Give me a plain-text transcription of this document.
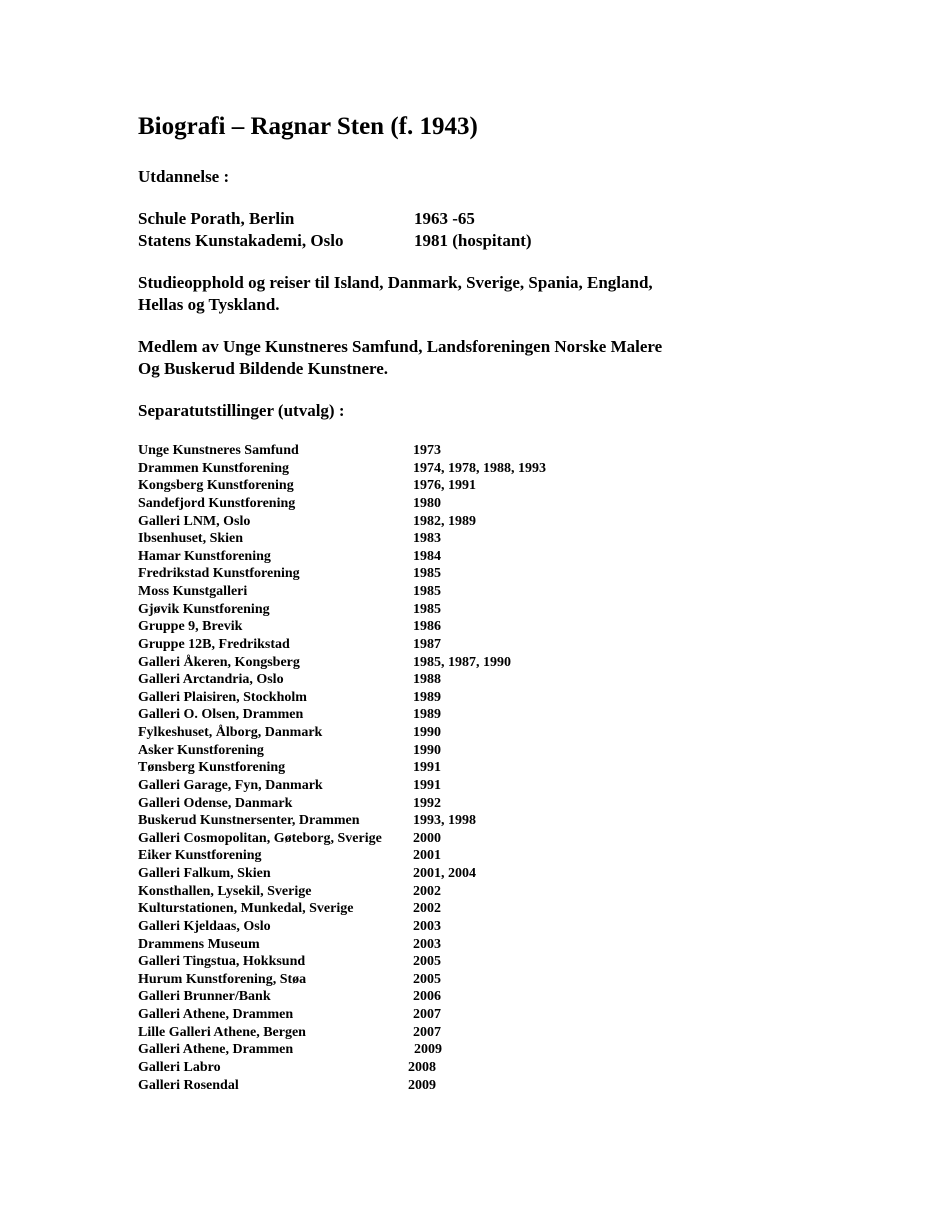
Biografi – Ragnar Sten (f. 1943)
Utdannelse :
Schule Porath, Berlin	1963 -65
Statens Kunstakademi, Oslo	1981 (hospitant)
Studieopphold og reiser til Island, Danmark, Sverige, Spania, England,
Hellas og Tyskland.
Medlem av Unge Kunstneres Samfund, Landsforeningen Norske Malere
Og Buskerud Bildende Kunstnere.
Separatutstillinger (utvalg) :
Unge Kunstneres Samfund	1973
Drammen Kunstforening	1974, 1978, 1988, 1993
Kongsberg Kunstforening	1976, 1991
Sandefjord Kunstforening	1980
Galleri LNM, Oslo	1982, 1989
Ibsenhuset, Skien	1983
Hamar Kunstforening	1984
Fredrikstad Kunstforening	1985
Moss Kunstgalleri	1985
Gjøvik Kunstforening	1985
Gruppe 9, Brevik	1986
Gruppe 12B, Fredrikstad	1987
Galleri Åkeren, Kongsberg	1985, 1987, 1990
Galleri Arctandria, Oslo	1988
Galleri Plaisiren, Stockholm	1989
Galleri O. Olsen, Drammen	1989
Fylkeshuset, Ålborg, Danmark	1990
Asker Kunstforening	1990
Tønsberg Kunstforening	1991
Galleri Garage, Fyn, Danmark	1991
Galleri Odense, Danmark	1992
Buskerud Kunstnersenter, Drammen	1993, 1998
Galleri Cosmopolitan, Gøteborg, Sverige 2000
Eiker Kunstforening	2001
Galleri Falkum, Skien	2001, 2004
Konsthallen, Lysekil, Sverige	2002
Kulturstationen, Munkedal, Sverige	2002
Galleri Kjeldaas, Oslo	2003
Drammens Museum	2003
Galleri Tingstua, Hokksund	2005
Hurum Kunstforening, Støa	2005
Galleri Brunner/Bank	2006
Galleri Athene, Drammen	2007
Lille Galleri Athene, Bergen	2007
Galleri Athene, Drammen	2009
Galleri Labro	2008
Galleri Rosendal	2009
